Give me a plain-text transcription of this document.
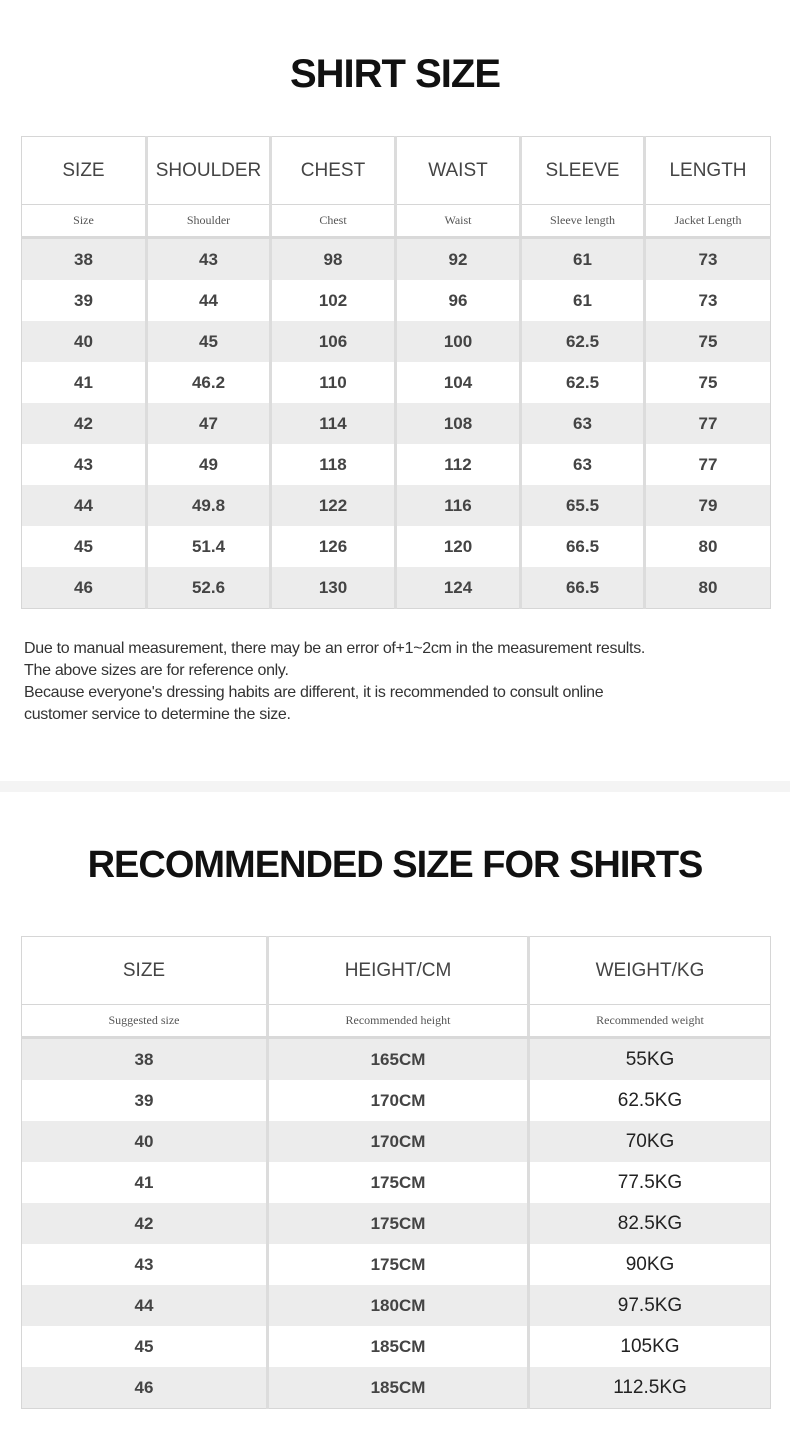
SHIRT SIZE
SIZE	SHOULDER	CHEST	WAIST	SLEEVE	LENGTH
Size	Shoulder	Chest	Waist	Sleeve length	Jacket Length
38	43	98	92	61	73
39	44	102	96	61	73
40	45	106	100	62.5	75
41	46.2	110	104	62.5	75
42	47	114	108	63	77
43	49	118	112	63	77
44	49.8	122	116	65.5	79
45	51.4	126	120	66.5	80
46	52.6	130	124	66.5	80
Due to manual measurement, there may be an error of+1~2cm in the measurement results.
The above sizes are for reference only.
Because everyone's dressing habits are different, it is recommended to consult online
customer service to determine the size.
RECOMMENDED SIZE FOR SHIRTS
SIZE	HEIGHT/CM	WEIGHT/KG
Suggested size	Recommended height	Recommended weight
38	165CM	55KG
39	170CM	62.5KG
40	170CM	70KG
41	175CM	77.5KG
42	175CM	82.5KG
43	175CM	90KG
44	180CM	97.5KG
45	185CM	105KG
46	185CM	112.5KG
